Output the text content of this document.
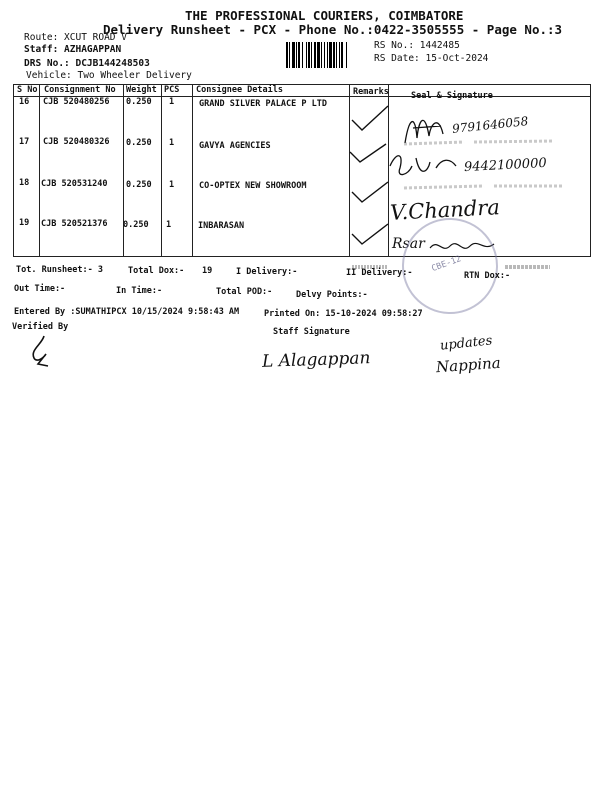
THE PROFESSIONAL COURIERS, COIMBATORE
Delivery Runsheet - PCX - Phone No.:0422-3505555 - Page No.:3
Route: XCUT ROAD V
Staff: AZHAGAPPAN
DRS No.: DCJB144248503
Vehicle: Two Wheeler Delivery
RS No.: 1442485
RS Date: 15-Oct-2024
S No Consignment No Weight PCS Consignee Details	Remarks	Seal & Signature
16 CJB 520480256 0.250 1	GRAND SILVER PALACE P LTD
17 CJB 520480326 0.250 1	GAVYA AGENCIES
18 CJB 520531240 0.250 1	CO-OPTEX NEW SHOWROOM
19 CJB 520521376 0.250 1	INBARASAN
9791646058
9442100000
V.Chandra
Rsar
CBE-12
Tot. Runsheet:- 3	Total Dox:- 19	I Delivery:-	II Delivery:-	RTN Dox:-
Out Time:-	In Time:-	Total POD:-	Delvy Points:-
Entered By :SUMATHIPCX 10/15/2024 9:58:43 AM	Printed On: 15-10-2024 09:58:27
Verified By	Staff Signature
L Alagappan
updates
Nappina
